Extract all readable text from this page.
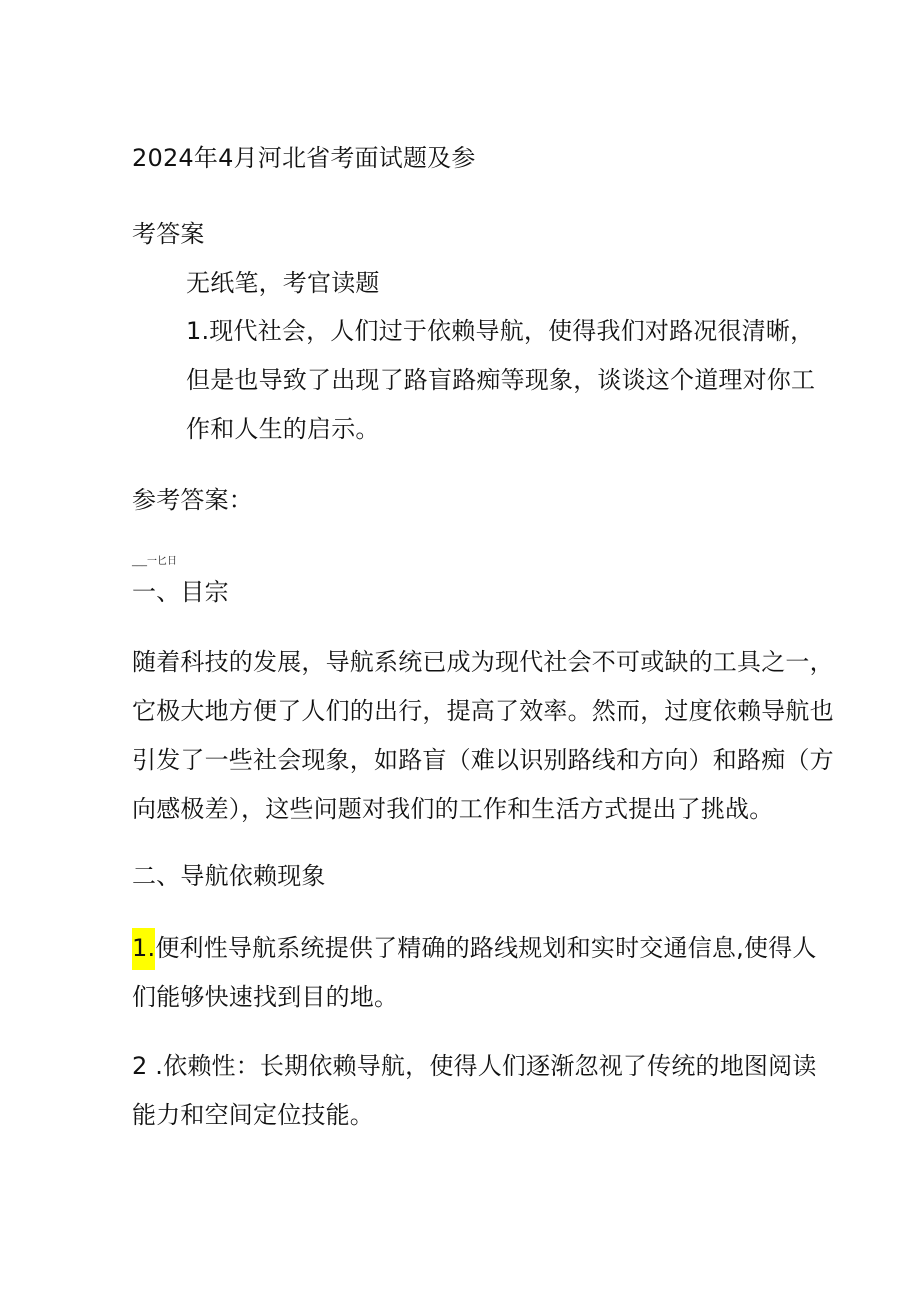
2024年4月河北省考面试题及参
考答案
无纸笔，考官读题
1.现代社会，人们过于依赖导航，使得我们对路况很清晰，
但是也导致了出现了路盲路痴等现象，谈谈这个道理对你工
作和人生的启示。
参考答案：
___一匕日
一、目宗
随着科技的发展，导航系统已成为现代社会不可或缺的工具之一，
它极大地方便了人们的出行，提高了效率。然而，过度依赖导航也
引发了一些社会现象，如路盲（难以识别路线和方向）和路痴（方
向感极差），这些问题对我们的工作和生活方式提出了挑战。
二、导航依赖现象
1.便利性导航系统提供了精确的路线规划和实时交通信息,使得人
们能够快速找到目的地。
2 .依赖性：长期依赖导航，使得人们逐渐忽视了传统的地图阅读
能力和空间定位技能。
